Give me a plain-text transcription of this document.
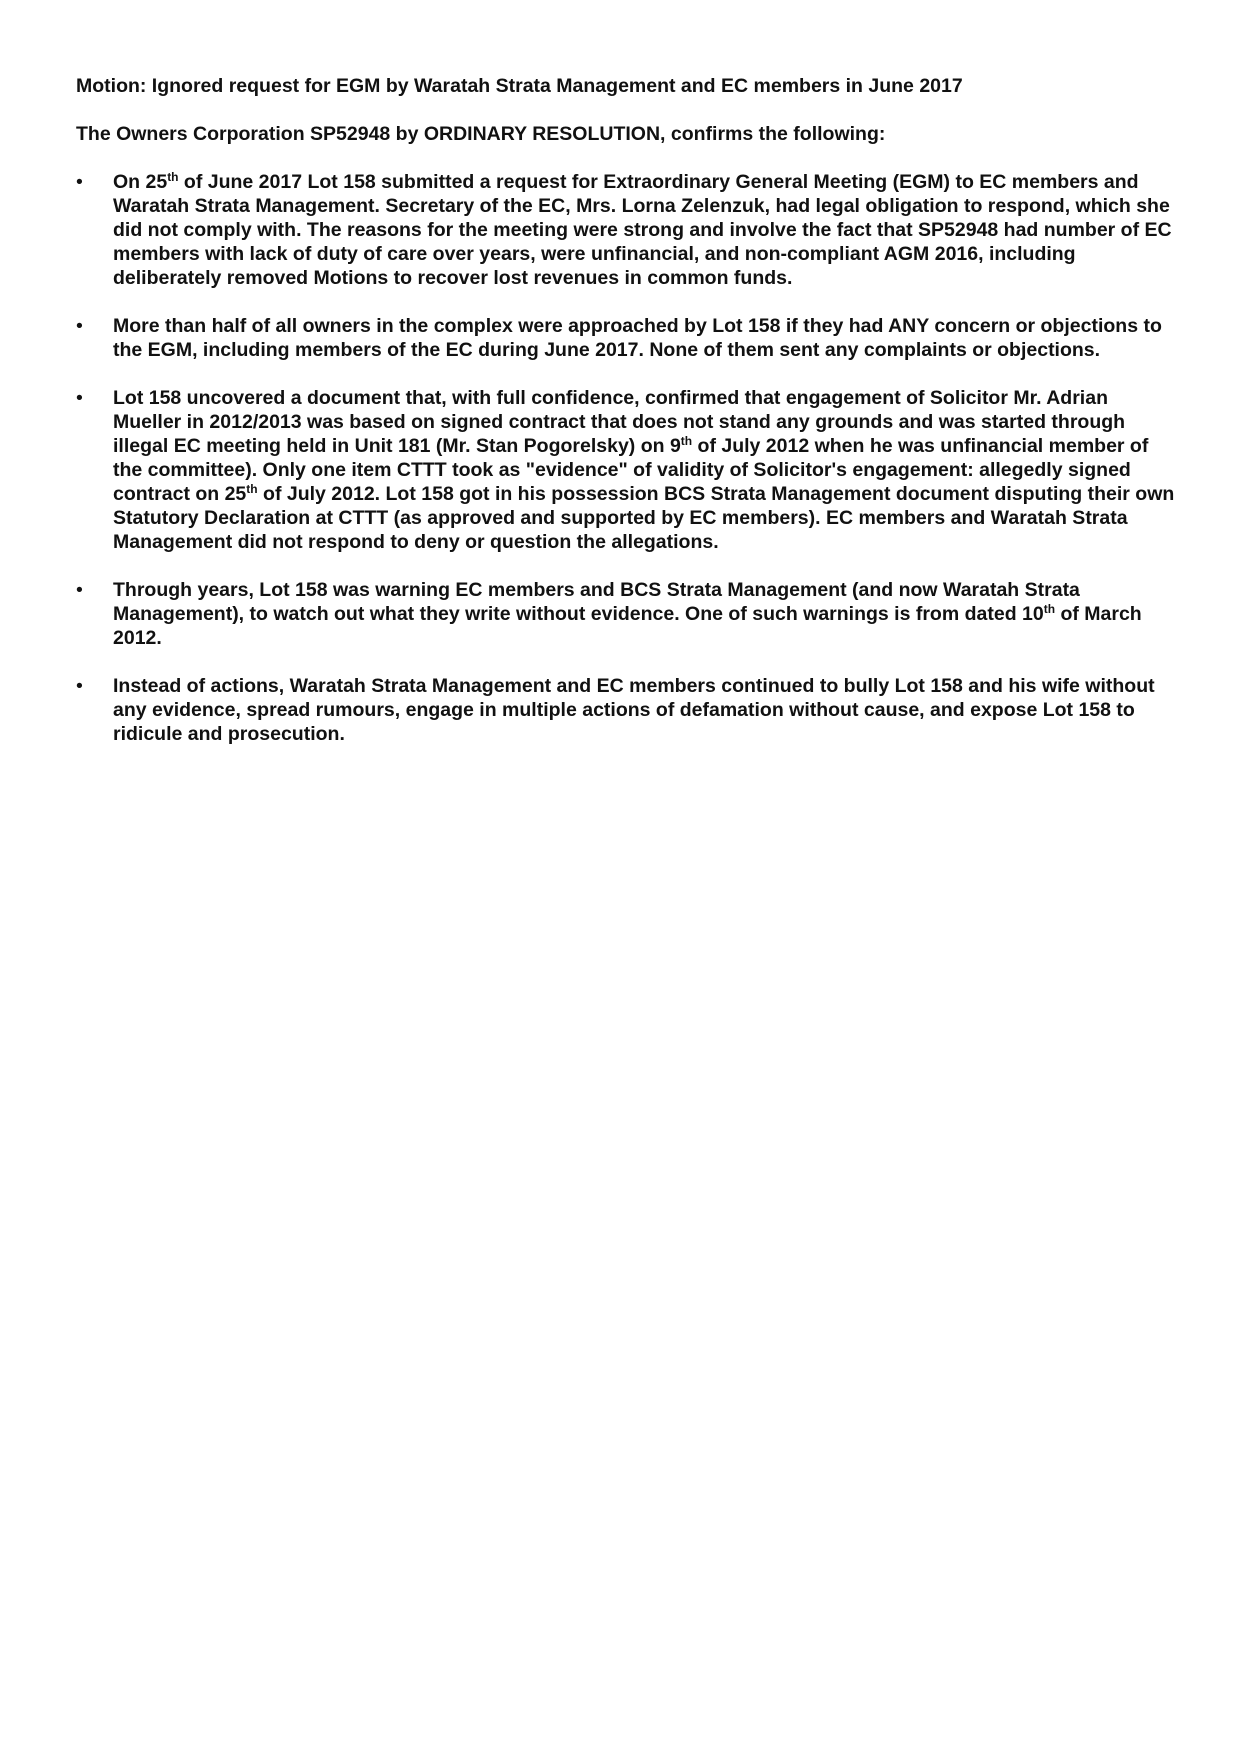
Motion: Ignored request for EGM by Waratah Strata Management and EC members in June 2017

The Owners Corporation SP52948 by ORDINARY RESOLUTION, confirms the following:

• On 25th of June 2017 Lot 158 submitted a request for Extraordinary General Meeting (EGM) to EC members and Waratah Strata Management. Secretary of the EC, Mrs. Lorna Zelenzuk, had legal obligation to respond, which she did not comply with. The reasons for the meeting were strong and involve the fact that SP52948 had number of EC members with lack of duty of care over years, were unfinancial, and non-compliant AGM 2016, including deliberately removed Motions to recover lost revenues in common funds.
• More than half of all owners in the complex were approached by Lot 158 if they had ANY concern or objections to the EGM, including members of the EC during June 2017. None of them sent any complaints or objections.
• Lot 158 uncovered a document that, with full confidence, confirmed that engagement of Solicitor Mr. Adrian Mueller in 2012/2013 was based on signed contract that does not stand any grounds and was started through illegal EC meeting held in Unit 181 (Mr. Stan Pogorelsky) on 9th of July 2012 when he was unfinancial member of the committee). Only one item CTTT took as "evidence" of validity of Solicitor's engagement: allegedly signed contract on 25th of July 2012. Lot 158 got in his possession BCS Strata Management document disputing their own Statutory Declaration at CTTT (as approved and supported by EC members). EC members and Waratah Strata Management did not respond to deny or question the allegations.
• Through years, Lot 158 was warning EC members and BCS Strata Management (and now Waratah Strata Management), to watch out what they write without evidence. One of such warnings is from dated 10th of March 2012.
• Instead of actions, Waratah Strata Management and EC members continued to bully Lot 158 and his wife without any evidence, spread rumours, engage in multiple actions of defamation without cause, and expose Lot 158 to ridicule and prosecution.
